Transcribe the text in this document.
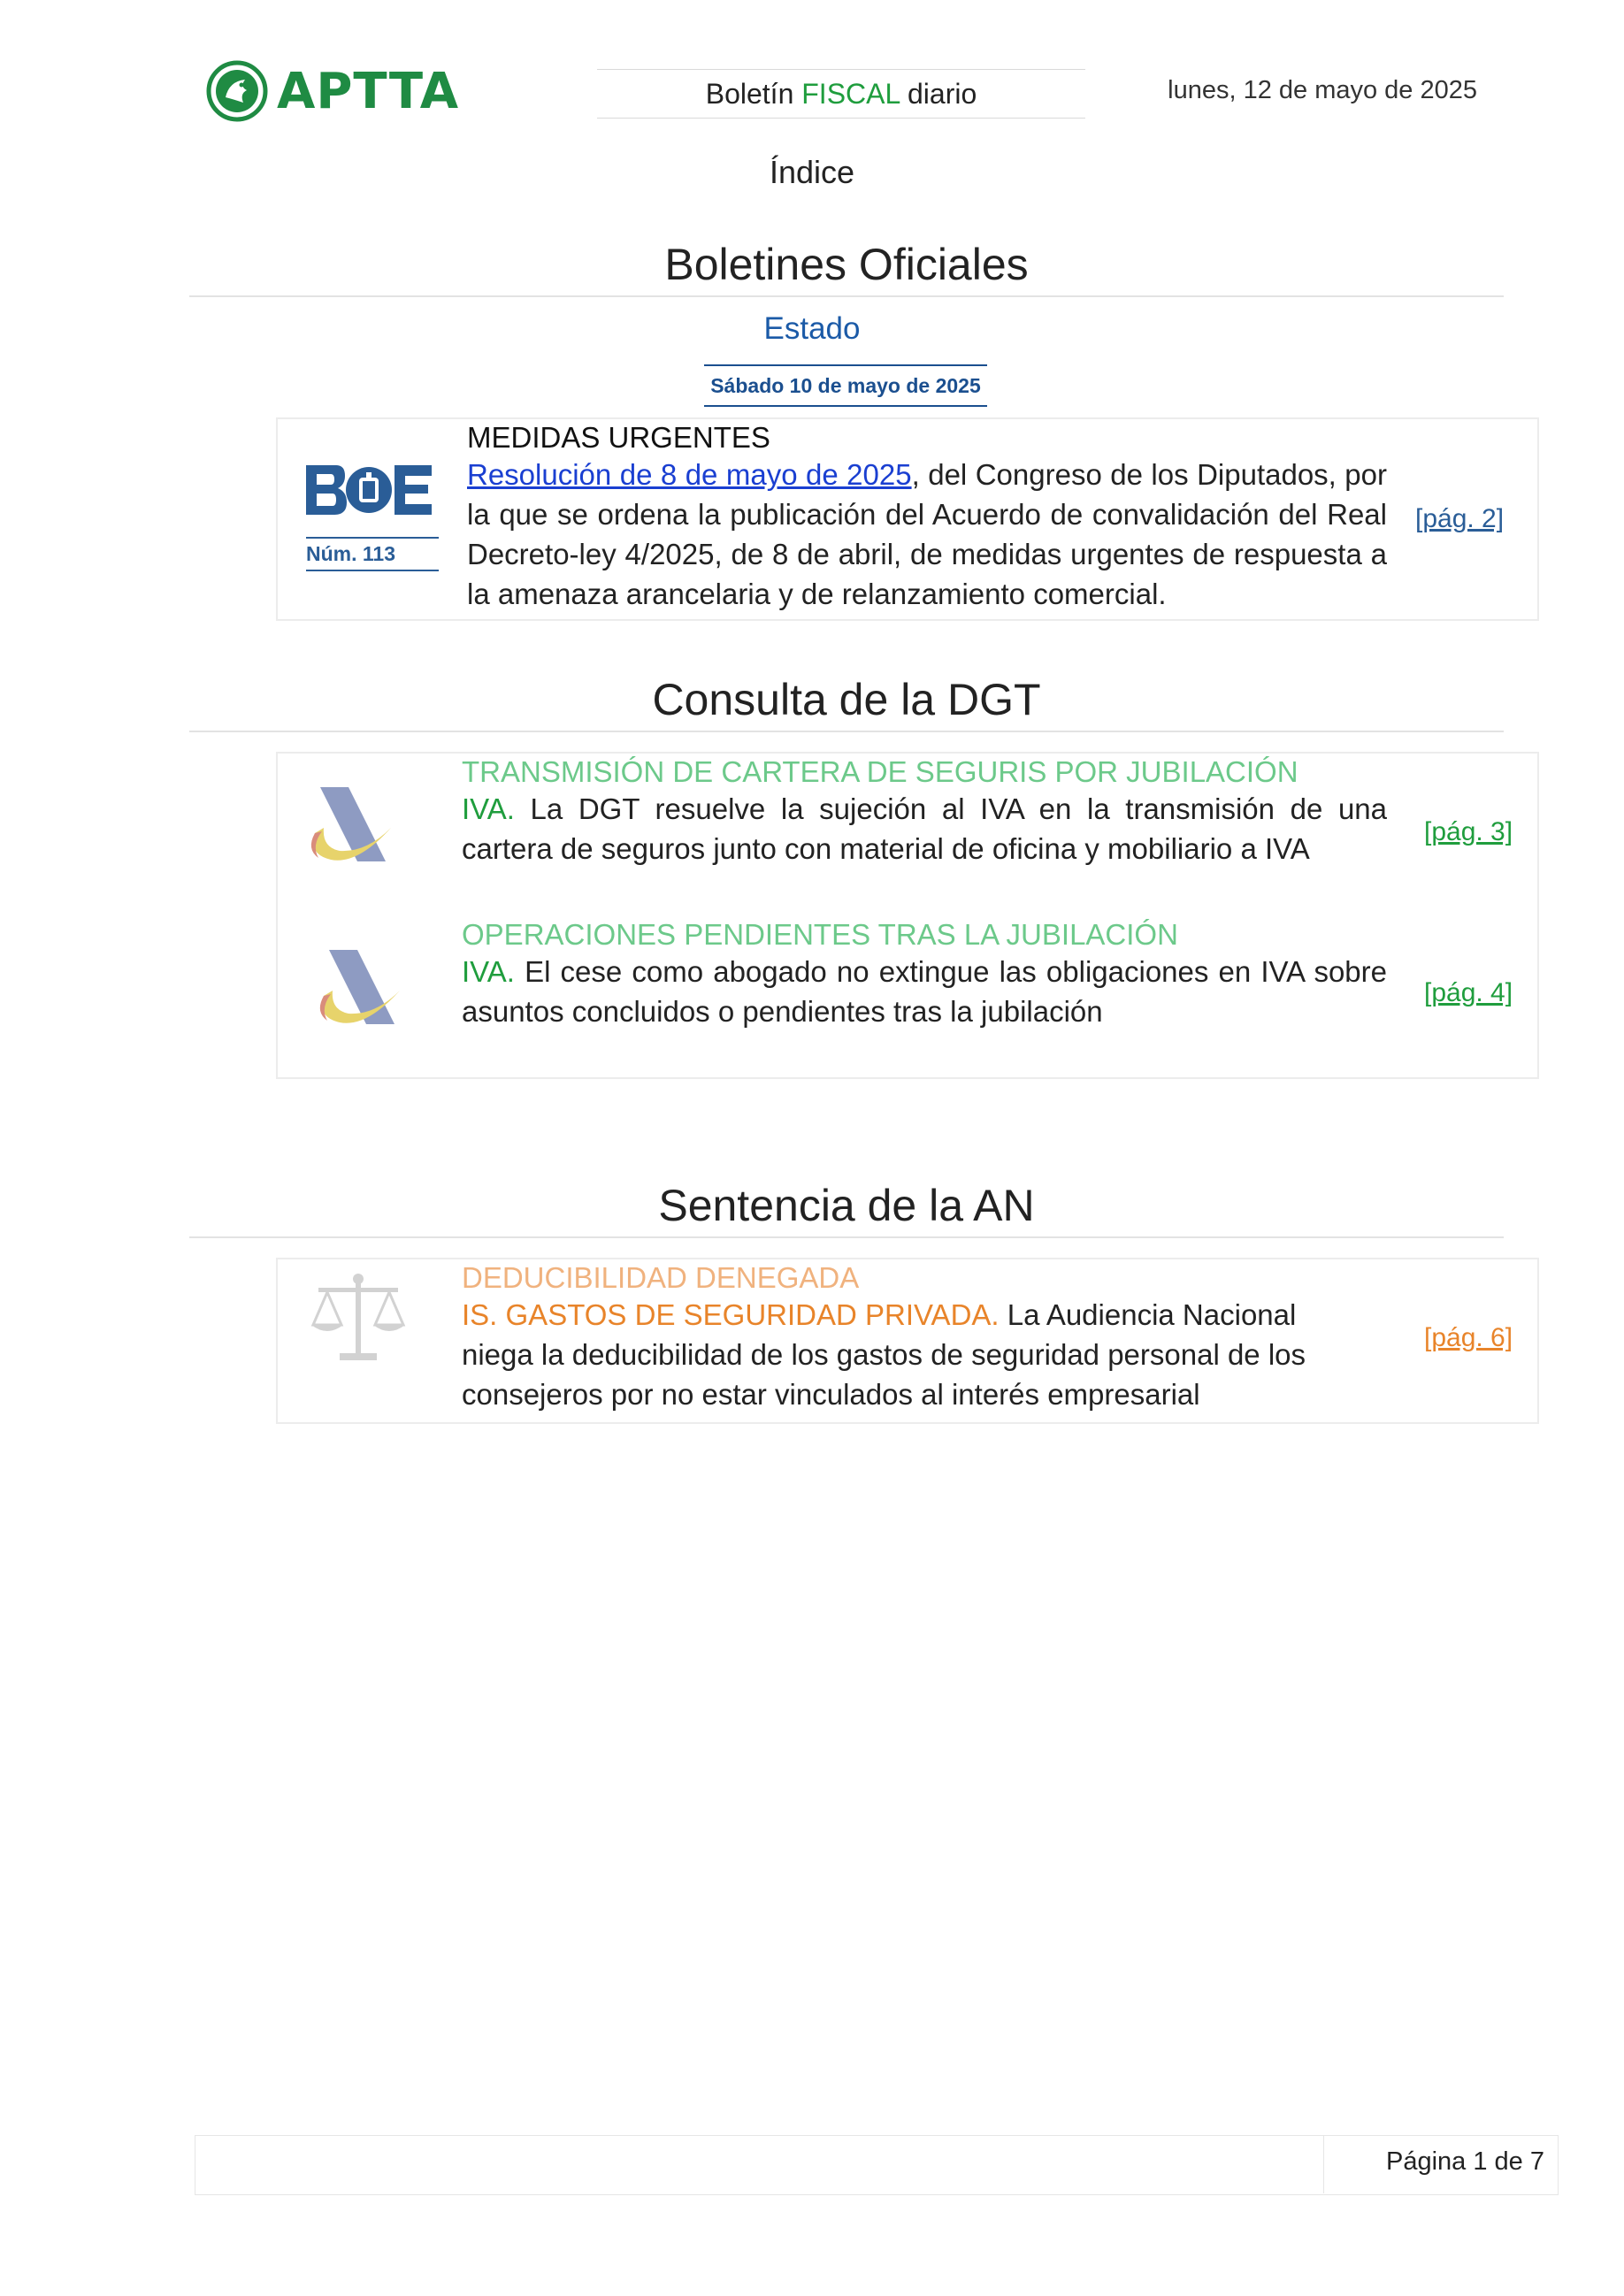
APTTA	Boletín FISCAL diario	lunes, 12 de mayo de 2025
Índice
Boletines Oficiales
Estado
Sábado 10 de mayo de 2025
Núm. 113
MEDIDAS URGENTES
Resolución de 8 de mayo de 2025, del Congreso de los Diputados, por la que se ordena la publicación del Acuerdo de convalidación del Real Decreto-ley 4/2025, de 8 de abril, de medidas urgentes de respuesta a la amenaza arancelaria y de relanzamiento comercial.
[pág. 2]
Consulta de la DGT
TRANSMISIÓN DE CARTERA DE SEGURIS POR JUBILACIÓN
IVA. La DGT resuelve la sujeción al IVA en la transmisión de una cartera de seguros junto con material de oficina y mobiliario a IVA
[pág. 3]
OPERACIONES PENDIENTES TRAS LA JUBILACIÓN
IVA. El cese como abogado no extingue las obligaciones en IVA sobre asuntos concluidos o pendientes tras la jubilación
[pág. 4]
Sentencia de la AN
DEDUCIBILIDAD DENEGADA
IS. GASTOS DE SEGURIDAD PRIVADA. La Audiencia Nacional niega la deducibilidad de los gastos de seguridad personal de los consejeros por no estar vinculados al interés empresarial
[pág. 6]
Página 1 de 7
